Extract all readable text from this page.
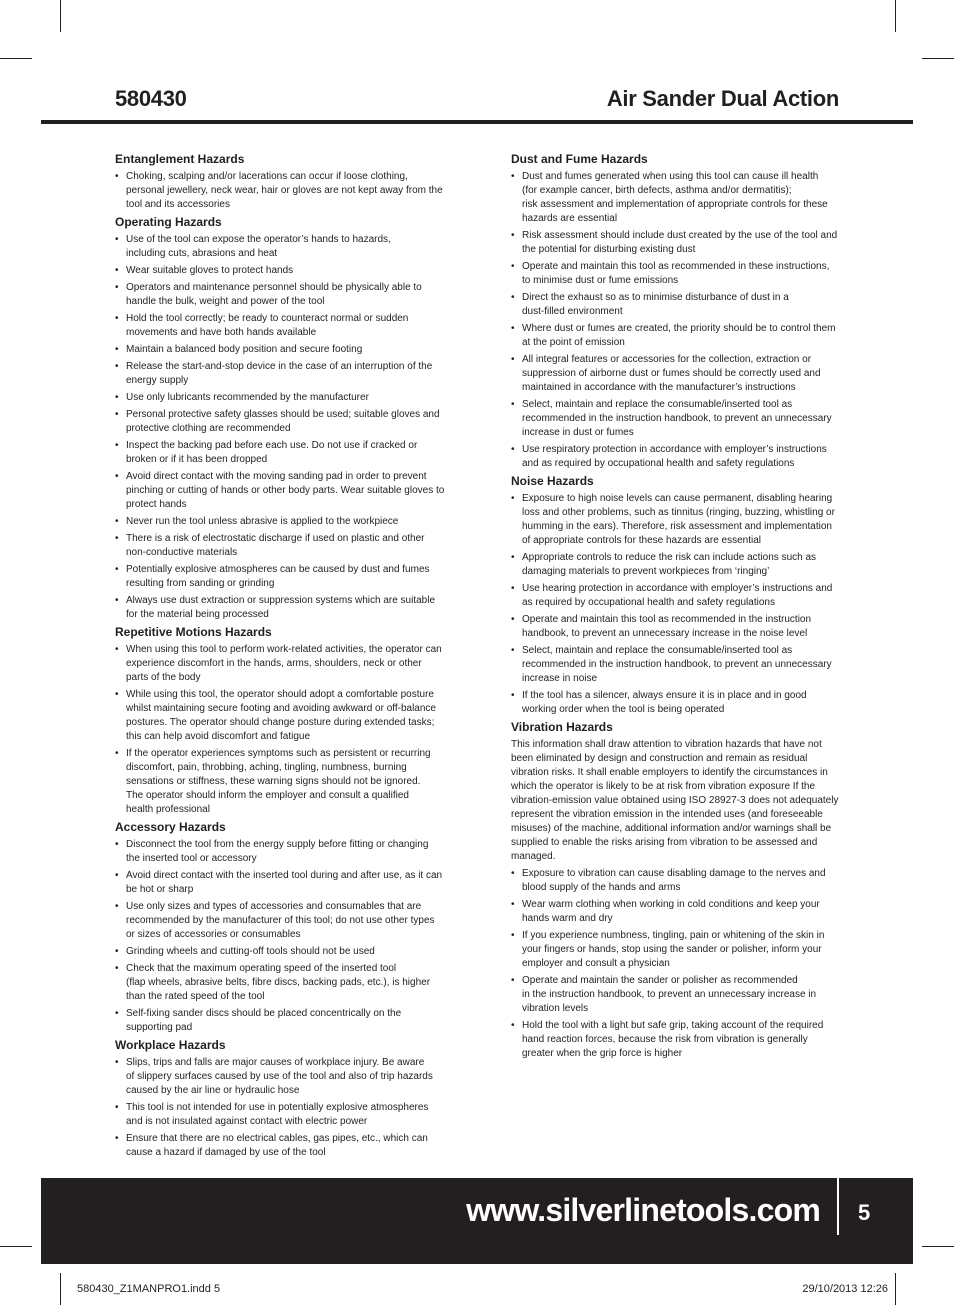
580430	Air Sander Dual Action
Entanglement Hazards
• Choking, scalping and/or lacerations can occur if loose clothing, personal jewellery, neck wear, hair or gloves are not kept away from the tool and its accessories
Operating Hazards
• Use of the tool can expose the operator’s hands to hazards,
including cuts, abrasions and heat
• Wear suitable gloves to protect hands
• Operators and maintenance personnel should be physically able to handle the bulk, weight and power of the tool
• Hold the tool correctly; be ready to counteract normal or sudden movements and have both hands available
• Maintain a balanced body position and secure footing
• Release the start-and-stop device in the case of an interruption of the energy supply
• Use only lubricants recommended by the manufacturer
• Personal protective safety glasses should be used; suitable gloves and protective clothing are recommended
• Inspect the backing pad before each use. Do not use if cracked or broken or if it has been dropped
• Avoid direct contact with the moving sanding pad in order to prevent pinching or cutting of hands or other body parts. Wear suitable gloves to protect hands
• Never run the tool unless abrasive is applied to the workpiece
• There is a risk of electrostatic discharge if used on plastic and other non-conductive materials
• Potentially explosive atmospheres can be caused by dust and fumes resulting from sanding or grinding
• Always use dust extraction or suppression systems which are suitable for the material being processed
Repetitive Motions Hazards
• When using this tool to perform work-related activities, the operator can experience discomfort in the hands, arms, shoulders, neck or other parts of the body
• While using this tool, the operator should adopt a comfortable posture whilst maintaining secure footing and avoiding awkward or off-balance postures. The operator should change posture during extended tasks; this can help avoid discomfort and fatigue
• If the operator experiences symptoms such as persistent or recurring discomfort, pain, throbbing, aching, tingling, numbness, burning sensations or stiffness, these warning signs should not be ignored.
The operator should inform the employer and consult a qualified
health professional
Accessory Hazards
• Disconnect the tool from the energy supply before fitting or changing the inserted tool or accessory
• Avoid direct contact with the inserted tool during and after use, as it can be hot or sharp
• Use only sizes and types of accessories and consumables that are recommended by the manufacturer of this tool; do not use other types or sizes of accessories or consumables
• Grinding wheels and cutting-off tools should not be used
• Check that the maximum operating speed of the inserted tool
(flap wheels, abrasive belts, fibre discs, backing pads, etc.), is higher than the rated speed of the tool
• Self-fixing sander discs should be placed concentrically on the
supporting pad
Workplace Hazards
• Slips, trips and falls are major causes of workplace injury. Be aware
of slippery surfaces caused by use of the tool and also of trip hazards caused by the air line or hydraulic hose
• This tool is not intended for use in potentially explosive atmospheres and is not insulated against contact with electric power
• Ensure that there are no electrical cables, gas pipes, etc., which can cause a hazard if damaged by use of the tool
Dust and Fume Hazards
• Dust and fumes generated when using this tool can cause ill health
(for example cancer, birth defects, asthma and/or dermatitis);
risk assessment and implementation of appropriate controls for these hazards are essential
• Risk assessment should include dust created by the use of the tool and the potential for disturbing existing dust
• Operate and maintain this tool as recommended in these instructions,
to minimise dust or fume emissions
• Direct the exhaust so as to minimise disturbance of dust in a
dust-filled environment
• Where dust or fumes are created, the priority should be to control them at the point of emission
• All integral features or accessories for the collection, extraction or suppression of airborne dust or fumes should be correctly used and maintained in accordance with the manufacturer’s instructions
• Select, maintain and replace the consumable/inserted tool as recommended in the instruction handbook, to prevent an unnecessary increase in dust or fumes
• Use respiratory protection in accordance with employer’s instructions and as required by occupational health and safety regulations
Noise Hazards
• Exposure to high noise levels can cause permanent, disabling hearing loss and other problems, such as tinnitus (ringing, buzzing, whistling or humming in the ears). Therefore, risk assessment and implementation of appropriate controls for these hazards are essential
• Appropriate controls to reduce the risk can include actions such as damaging materials to prevent workpieces from ‘ringing’
• Use hearing protection in accordance with employer’s instructions and as required by occupational health and safety regulations
• Operate and maintain this tool as recommended in the instruction handbook, to prevent an unnecessary increase in the noise level
• Select, maintain and replace the consumable/inserted tool as recommended in the instruction handbook, to prevent an unnecessary increase in noise
• If the tool has a silencer, always ensure it is in place and in good working order when the tool is being operated
Vibration Hazards

This information shall draw attention to vibration hazards that have not been eliminated by design and construction and remain as residual vibration risks. It shall enable employers to identify the circumstances in which the operator is likely to be at risk from vibration exposure If the vibration-emission value obtained using ISO 28927-3 does not adequately represent the vibration emission in the intended uses (and foreseeable misuses) of the machine, additional information and/or warnings shall be supplied to enable the risks arising from vibration to be assessed and managed.

• Exposure to vibration can cause disabling damage to the nerves and blood supply of the hands and arms
• Wear warm clothing when working in cold conditions and keep your hands warm and dry
• If you experience numbness, tingling, pain or whitening of the skin in your fingers or hands, stop using the sander or polisher, inform your employer and consult a physician
• Operate and maintain the sander or polisher as recommended
in the instruction handbook, to prevent an unnecessary increase in vibration levels
• Hold the tool with a light but safe grip, taking account of the required hand reaction forces, because the risk from vibration is generally greater when the grip force is higher

www.silverlinetools.com 5

580430_Z1MANPRO1.indd 5	29/10/2013 12:26
